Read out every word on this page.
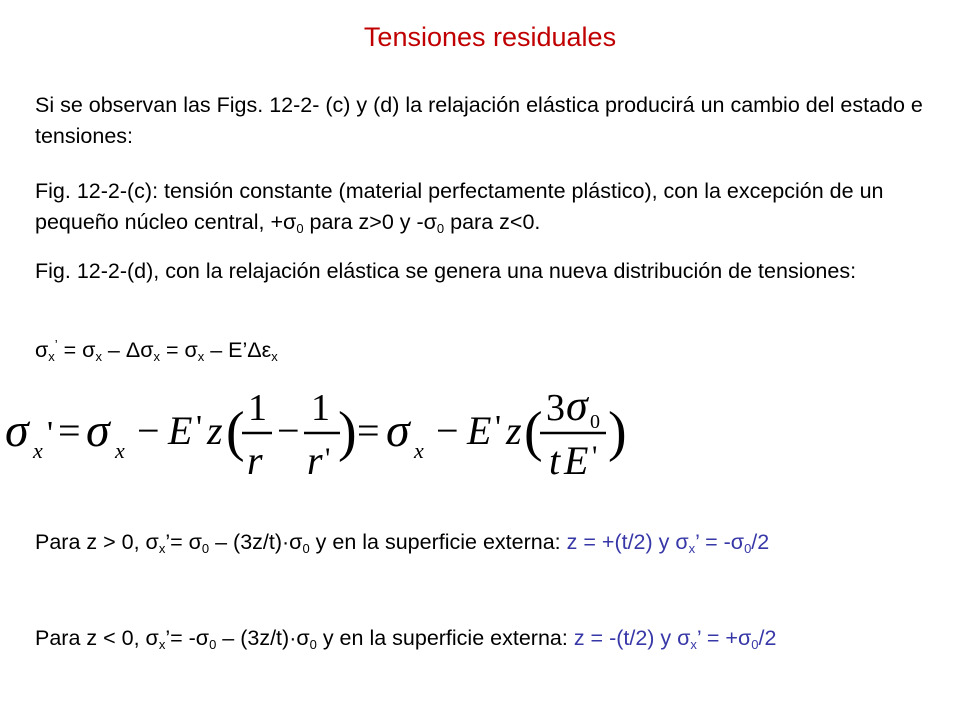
Tensiones residuales

Si se observan las Figs. 12-2- (c) y (d) la relajación elástica producirá un cambio del estado e tensiones:

Fig. 12-2-(c): tensión constante (material perfectamente plástico), con la excepción de un pequeño núcleo central, $+\sigma_0$ para z>0 y $-\sigma_0$ para z<0.

Fig. 12-2-(d), con la relajación elástica se genera una nueva distribución de tensiones:

$\sigma_x^’ = \sigma_x - \Delta\sigma_x = \sigma_x$ – $E’\Delta\varepsilon_x$
σ x ' = σ x − E ' z ( 1
r
− 1
r ' ) = σ x − E ' z ( 3 σ 0
t E ' )
Para z > 0, $\sigma_x’= \sigma_0 - (3z/t)\cdot\sigma_0$ y en la superficie externa: z = +(t/2) y $\sigma_x$’ = $-\sigma_0/2$
Para z < 0, $\sigma_x’= -\sigma_0 - (3z/t)\cdot\sigma_0$ y en la superficie externa: z = -(t/2) y $\sigma_x$’ = $+\sigma_0/2$
